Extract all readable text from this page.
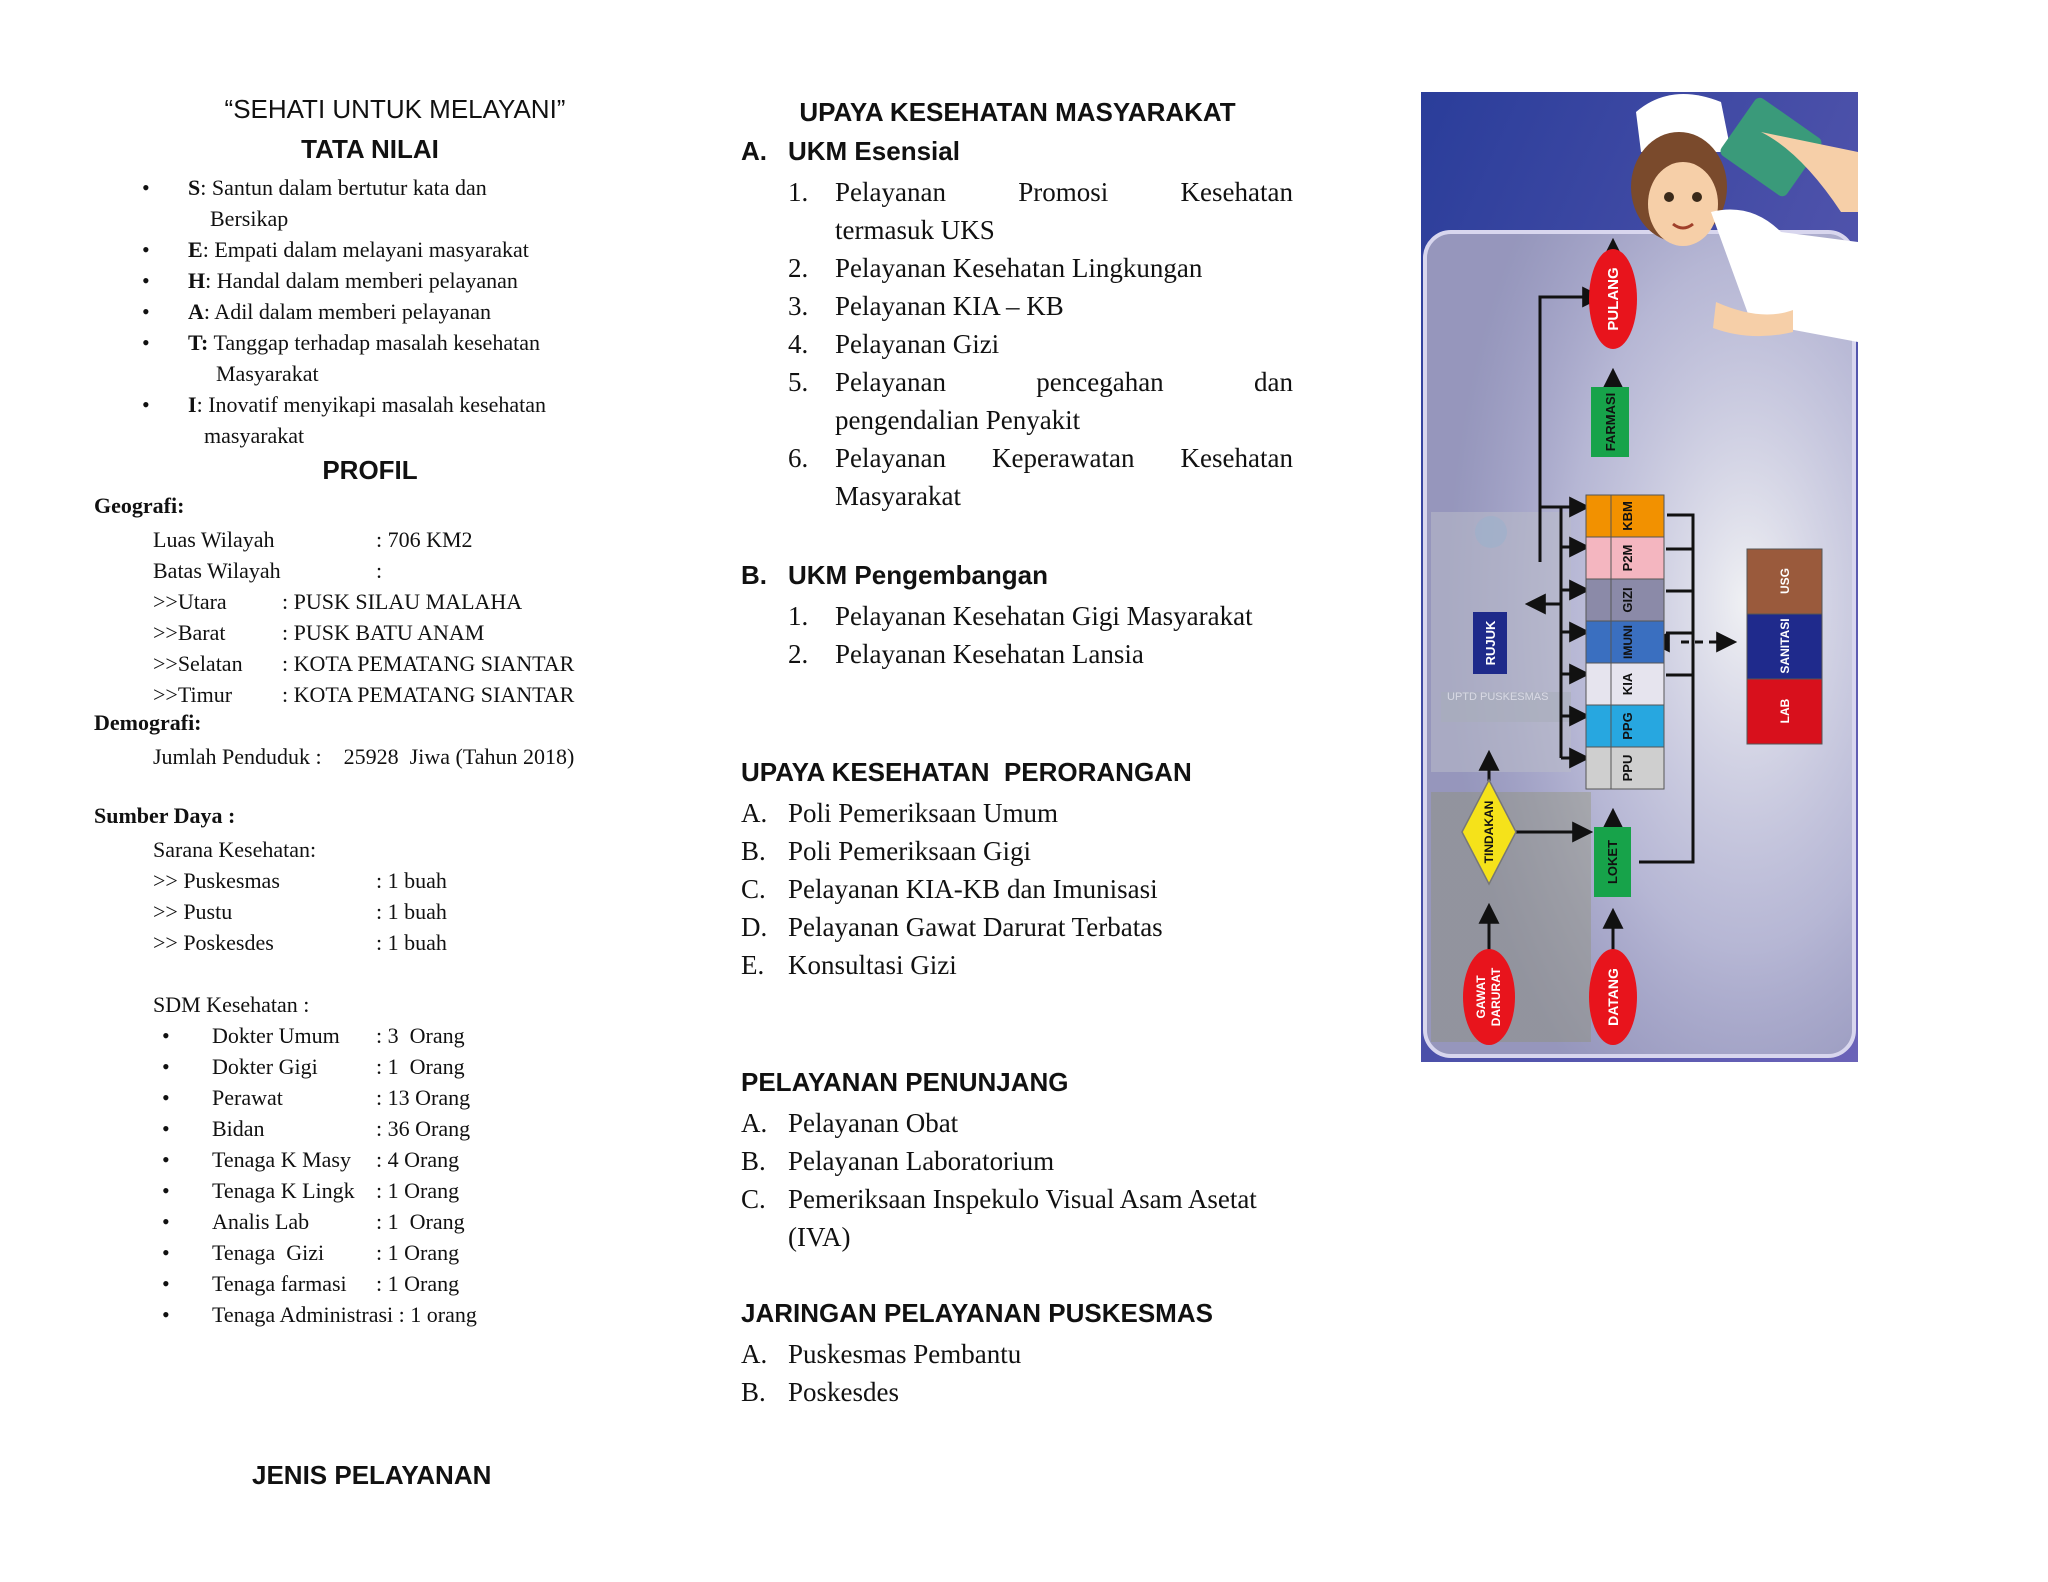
“SEHATI UNTUK MELAYANI”
TATA NILAI
• S: Santun dalam bertutur kata dan
Bersikap
• E: Empati dalam melayani masyarakat
• H: Handal dalam memberi pelayanan
• A: Adil dalam memberi pelayanan
• T: Tanggap terhadap masalah kesehatan
Masyarakat
• I: Inovatif menyikapi masalah kesehatan
masyarakat
PROFIL
Geografi:
Luas Wilayah	: 706 KM2
Batas Wilayah	:
>>Utara	: PUSK SILAU MALAHA
>>Barat	: PUSK BATU ANAM
>>Selatan : KOTA PEMATANG SIANTAR
>>Timur : KOTA PEMATANG SIANTAR
Demografi:
Jumlah Penduduk :    25928  Jiwa (Tahun 2018)
Sumber Daya :
Sarana Kesehatan:
>> Puskesmas	: 1 buah
>> Pustu	: 1 buah
>> Poskesdes	: 1 buah
SDM Kesehatan :
• Dokter Umum : 3  Orang
• Dokter Gigi	: 1  Orang
• Perawat	: 13 Orang
• Bidan	: 36 Orang
• Tenaga K Masy : 4 Orang
• Tenaga K Lingk : 1 Orang
• Analis Lab	: 1  Orang
• Tenaga  Gizi : 1 Orang
• Tenaga farmasi : 1 Orang
• Tenaga Administrasi : 1 orang
JENIS PELAYANAN
UPAYA KESEHATAN MASYARAKAT
A. UKM Esensial
1. Pelayanan	Promosi	Kesehatan
termasuk UKS
2. Pelayanan Kesehatan Lingkungan
3. Pelayanan KIA – KB
4. Pelayanan Gizi
5. Pelayanan	pencegahan	dan
pengendalian Penyakit
6. Pelayanan Keperawatan Kesehatan
Masyarakat
B. UKM Pengembangan
1. Pelayanan Kesehatan Gigi Masyarakat
2. Pelayanan Kesehatan Lansia
UPAYA KESEHATAN  PERORANGAN
A. Poli Pemeriksaan Umum
B. Poli Pemeriksaan Gigi
C. Pelayanan KIA-KB dan Imunisasi
D. Pelayanan Gawat Darurat Terbatas
E. Konsultasi Gizi
PELAYANAN PENUNJANG
A. Pelayanan Obat
B. Pelayanan Laboratorium
C. Pemeriksaan Inspekulo Visual Asam Asetat
(IVA)
JARINGAN PELAYANAN PUSKESMAS
A. Puskesmas Pembantu
B. Poskesdes
UPTD PUSKESMAS
PULANG
FARMASI
KBM
P2M
GIZI
IMUNI
KIA
PPG
PPU
RUJUK
TINDAKAN	LOKET
GAWAT DARURAT	DATANG
USG
SANITASI
LAB
